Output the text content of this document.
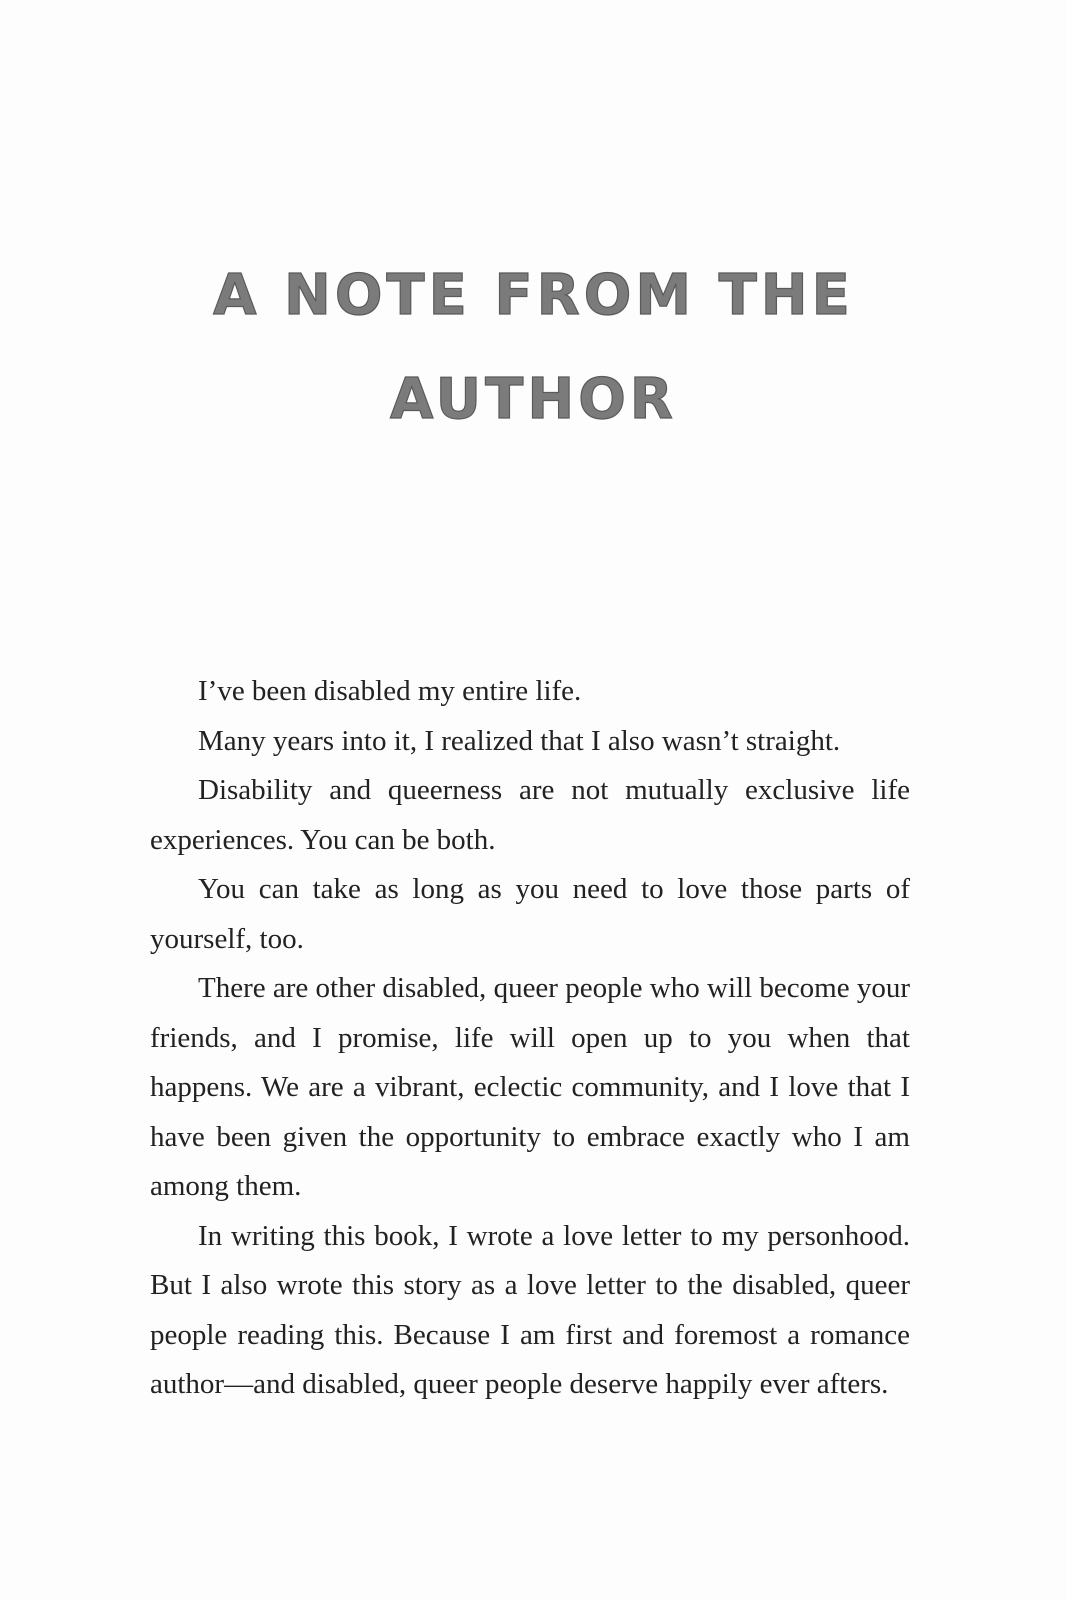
A NOTE FROM THE
AUTHOR

I’ve been disabled my entire life.

Many years into it, I realized that I also wasn’t straight.

Disability and queerness are not mutually exclusive life experiences. You can be both.

You can take as long as you need to love those parts of yourself, too.

There are other disabled, queer people who will become your friends, and I promise, life will open up to you when that happens. We are a vibrant, eclectic community, and I love that I have been given the opportunity to embrace exactly who I am among them.

In writing this book, I wrote a love letter to my personhood. But I also wrote this story as a love letter to the disabled, queer people reading this. Because I am first and foremost a romance author—and disabled, queer people deserve happily ever afters.
